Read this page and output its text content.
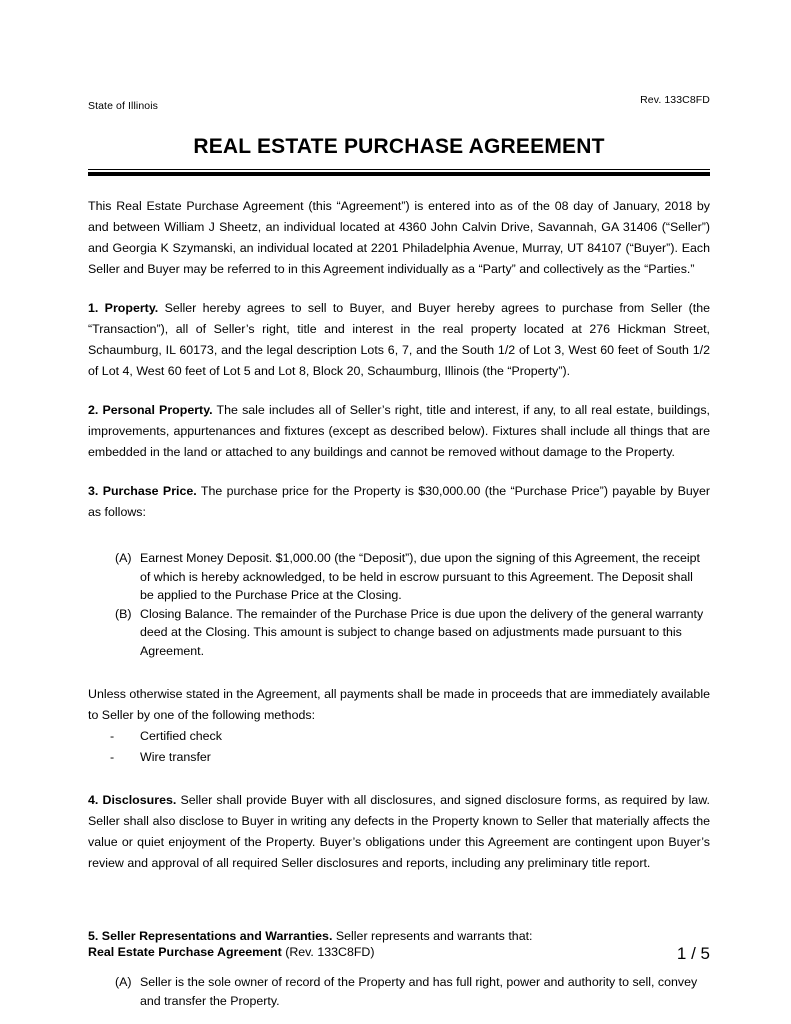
State of Illinois	Rev. 133C8FD
REAL ESTATE PURCHASE AGREEMENT

This Real Estate Purchase Agreement (this “Agreement”) is entered into as of the 08 day of January, 2018 by and between William J Sheetz, an individual located at 4360 John Calvin Drive, Savannah, GA 31406 (“Seller”) and Georgia K Szymanski, an individual located at 2201 Philadelphia Avenue, Murray, UT 84107 (“Buyer”). Each Seller and Buyer may be referred to in this Agreement individually as a “Party” and collectively as the “Parties.”

1. Property. Seller hereby agrees to sell to Buyer, and Buyer hereby agrees to purchase from Seller (the “Transaction”), all of Seller’s right, title and interest in the real property located at 276 Hickman Street, Schaumburg, IL 60173, and the legal description Lots 6, 7, and the South 1/2 of Lot 3, West 60 feet of South 1/2 of Lot 4, West 60 feet of Lot 5 and Lot 8, Block 20, Schaumburg, Illinois (the “Property”).

2. Personal Property. The sale includes all of Seller’s right, title and interest, if any, to all real estate, buildings, improvements, appurtenances and fixtures (except as described below). Fixtures shall include all things that are embedded in the land or attached to any buildings and cannot be removed without damage to the Property.

3. Purchase Price. The purchase price for the Property is $30,000.00 (the “Purchase Price”) payable by Buyer as follows:

(A) Earnest Money Deposit. $1,000.00 (the “Deposit”), due upon the signing of this Agreement, the receipt of which is hereby acknowledged, to be held in escrow pursuant to this Agreement. The Deposit shall be applied to the Purchase Price at the Closing.
(B) Closing Balance. The remainder of the Purchase Price is due upon the delivery of the general warranty deed at the Closing. This amount is subject to change based on adjustments made pursuant to this Agreement.

Unless otherwise stated in the Agreement, all payments shall be made in proceeds that are immediately available to Seller by one of the following methods:

- Certified check
- Wire transfer

4. Disclosures. Seller shall provide Buyer with all disclosures, and signed disclosure forms, as required by law. Seller shall also disclose to Buyer in writing any defects in the Property known to Seller that materially affects the value or quiet enjoyment of the Property. Buyer’s obligations under this Agreement are contingent upon Buyer’s review and approval of all required Seller disclosures and reports, including any preliminary title report.

5. Seller Representations and Warranties. Seller represents and warrants that:

(A) Seller is the sole owner of record of the Property and has full right, power and authority to sell, convey and transfer the Property.
Real Estate Purchase Agreement (Rev. 133C8FD)	1 / 5
